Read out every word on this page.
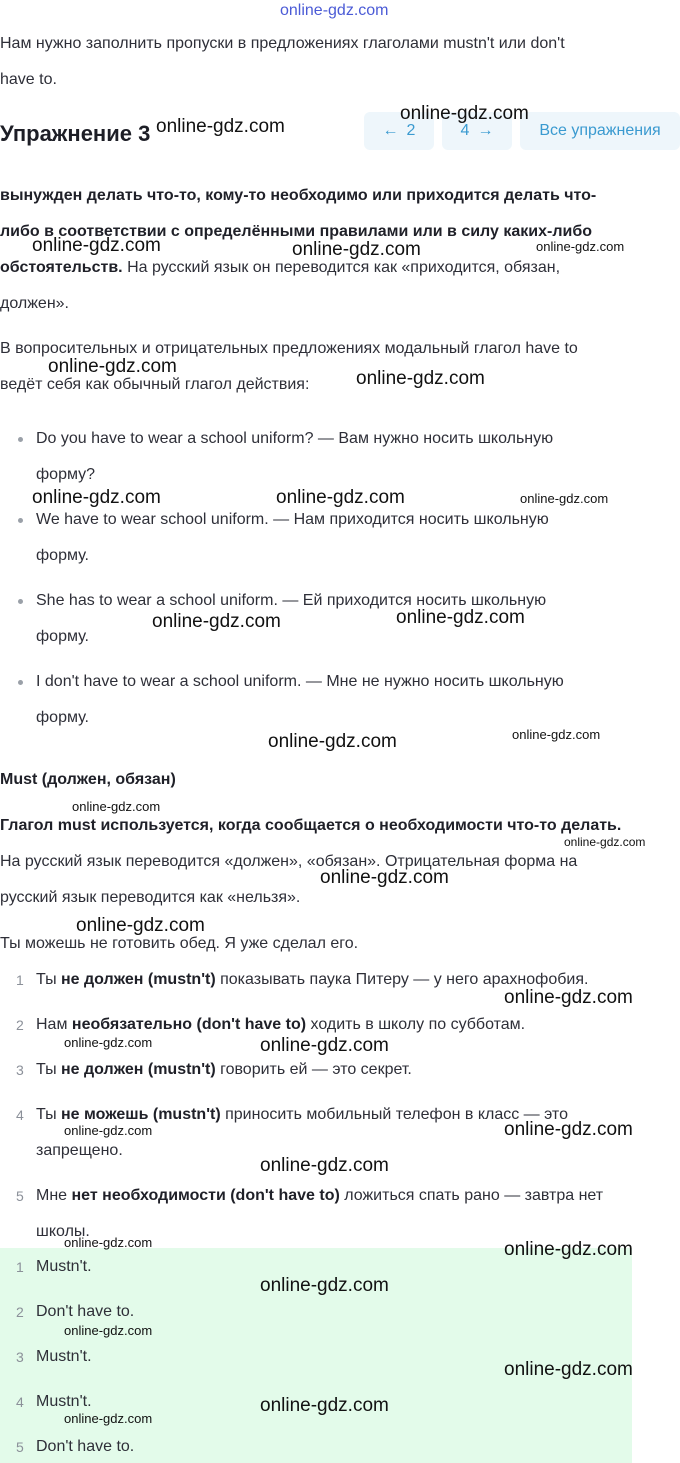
online-gdz.com
Нам нужно заполнить пропуски в предложениях глаголами mustn't или don't
have to.
Упражнение 3	← 2	4 →	Все упражнения
вынужден делать что-то, кому-то необходимо или приходится делать что-
либо в соответствии с определёнными правилами или в силу каких-либо
обстоятельств. На русский язык он переводится как «приходится, обязан,
должен».
В вопросительных и отрицательных предложениях модальный глагол have to
ведёт себя как обычный глагол действия:
Do you have to wear a school uniform? — Вам нужно носить школьную
форму?
We have to wear school uniform. — Нам приходится носить школьную
форму.
She has to wear a school uniform. — Ей приходится носить школьную
форму.
I don't have to wear a school uniform. — Мне не нужно носить школьную
форму.
Must (должен, обязан)
Глагол must используется, когда сообщается о необходимости что-то делать.
На русский язык переводится «должен», «обязан». Отрицательная форма на
русский язык переводится как «нельзя».
Ты можешь не готовить обед. Я уже сделал его.
1 Ты не должен (mustn't) показывать паука Питеру — у него арахнофобия.
2 Нам необязательно (don't have to) ходить в школу по субботам.
3 Ты не должен (mustn't) говорить ей — это секрет.
4 Ты не можешь (mustn't) приносить мобильный телефон в класс — это
запрещено.
5 Мне нет необходимости (don't have to) ложиться спать рано — завтра нет
школы.
1 Mustn't.
2 Don't have to.
3 Mustn't.
4 Mustn't.
5 Don't have to.
online-gdz.com
online-gdz.com
online-gdz.com	online-gdz.com	online-gdz.com
online-gdz.com
online-gdz.com
online-gdz.com	online-gdz.com	online-gdz.com
online-gdz.com	online-gdz.com
online-gdz.com	online-gdz.com
online-gdz.com
online-gdz.com
online-gdz.com
online-gdz.com
online-gdz.com
online-gdz.com	online-gdz.com
online-gdz.com	online-gdz.com
online-gdz.com
online-gdz.com	online-gdz.com
online-gdz.com
online-gdz.com
online-gdz.com
online-gdz.com
online-gdz.com
